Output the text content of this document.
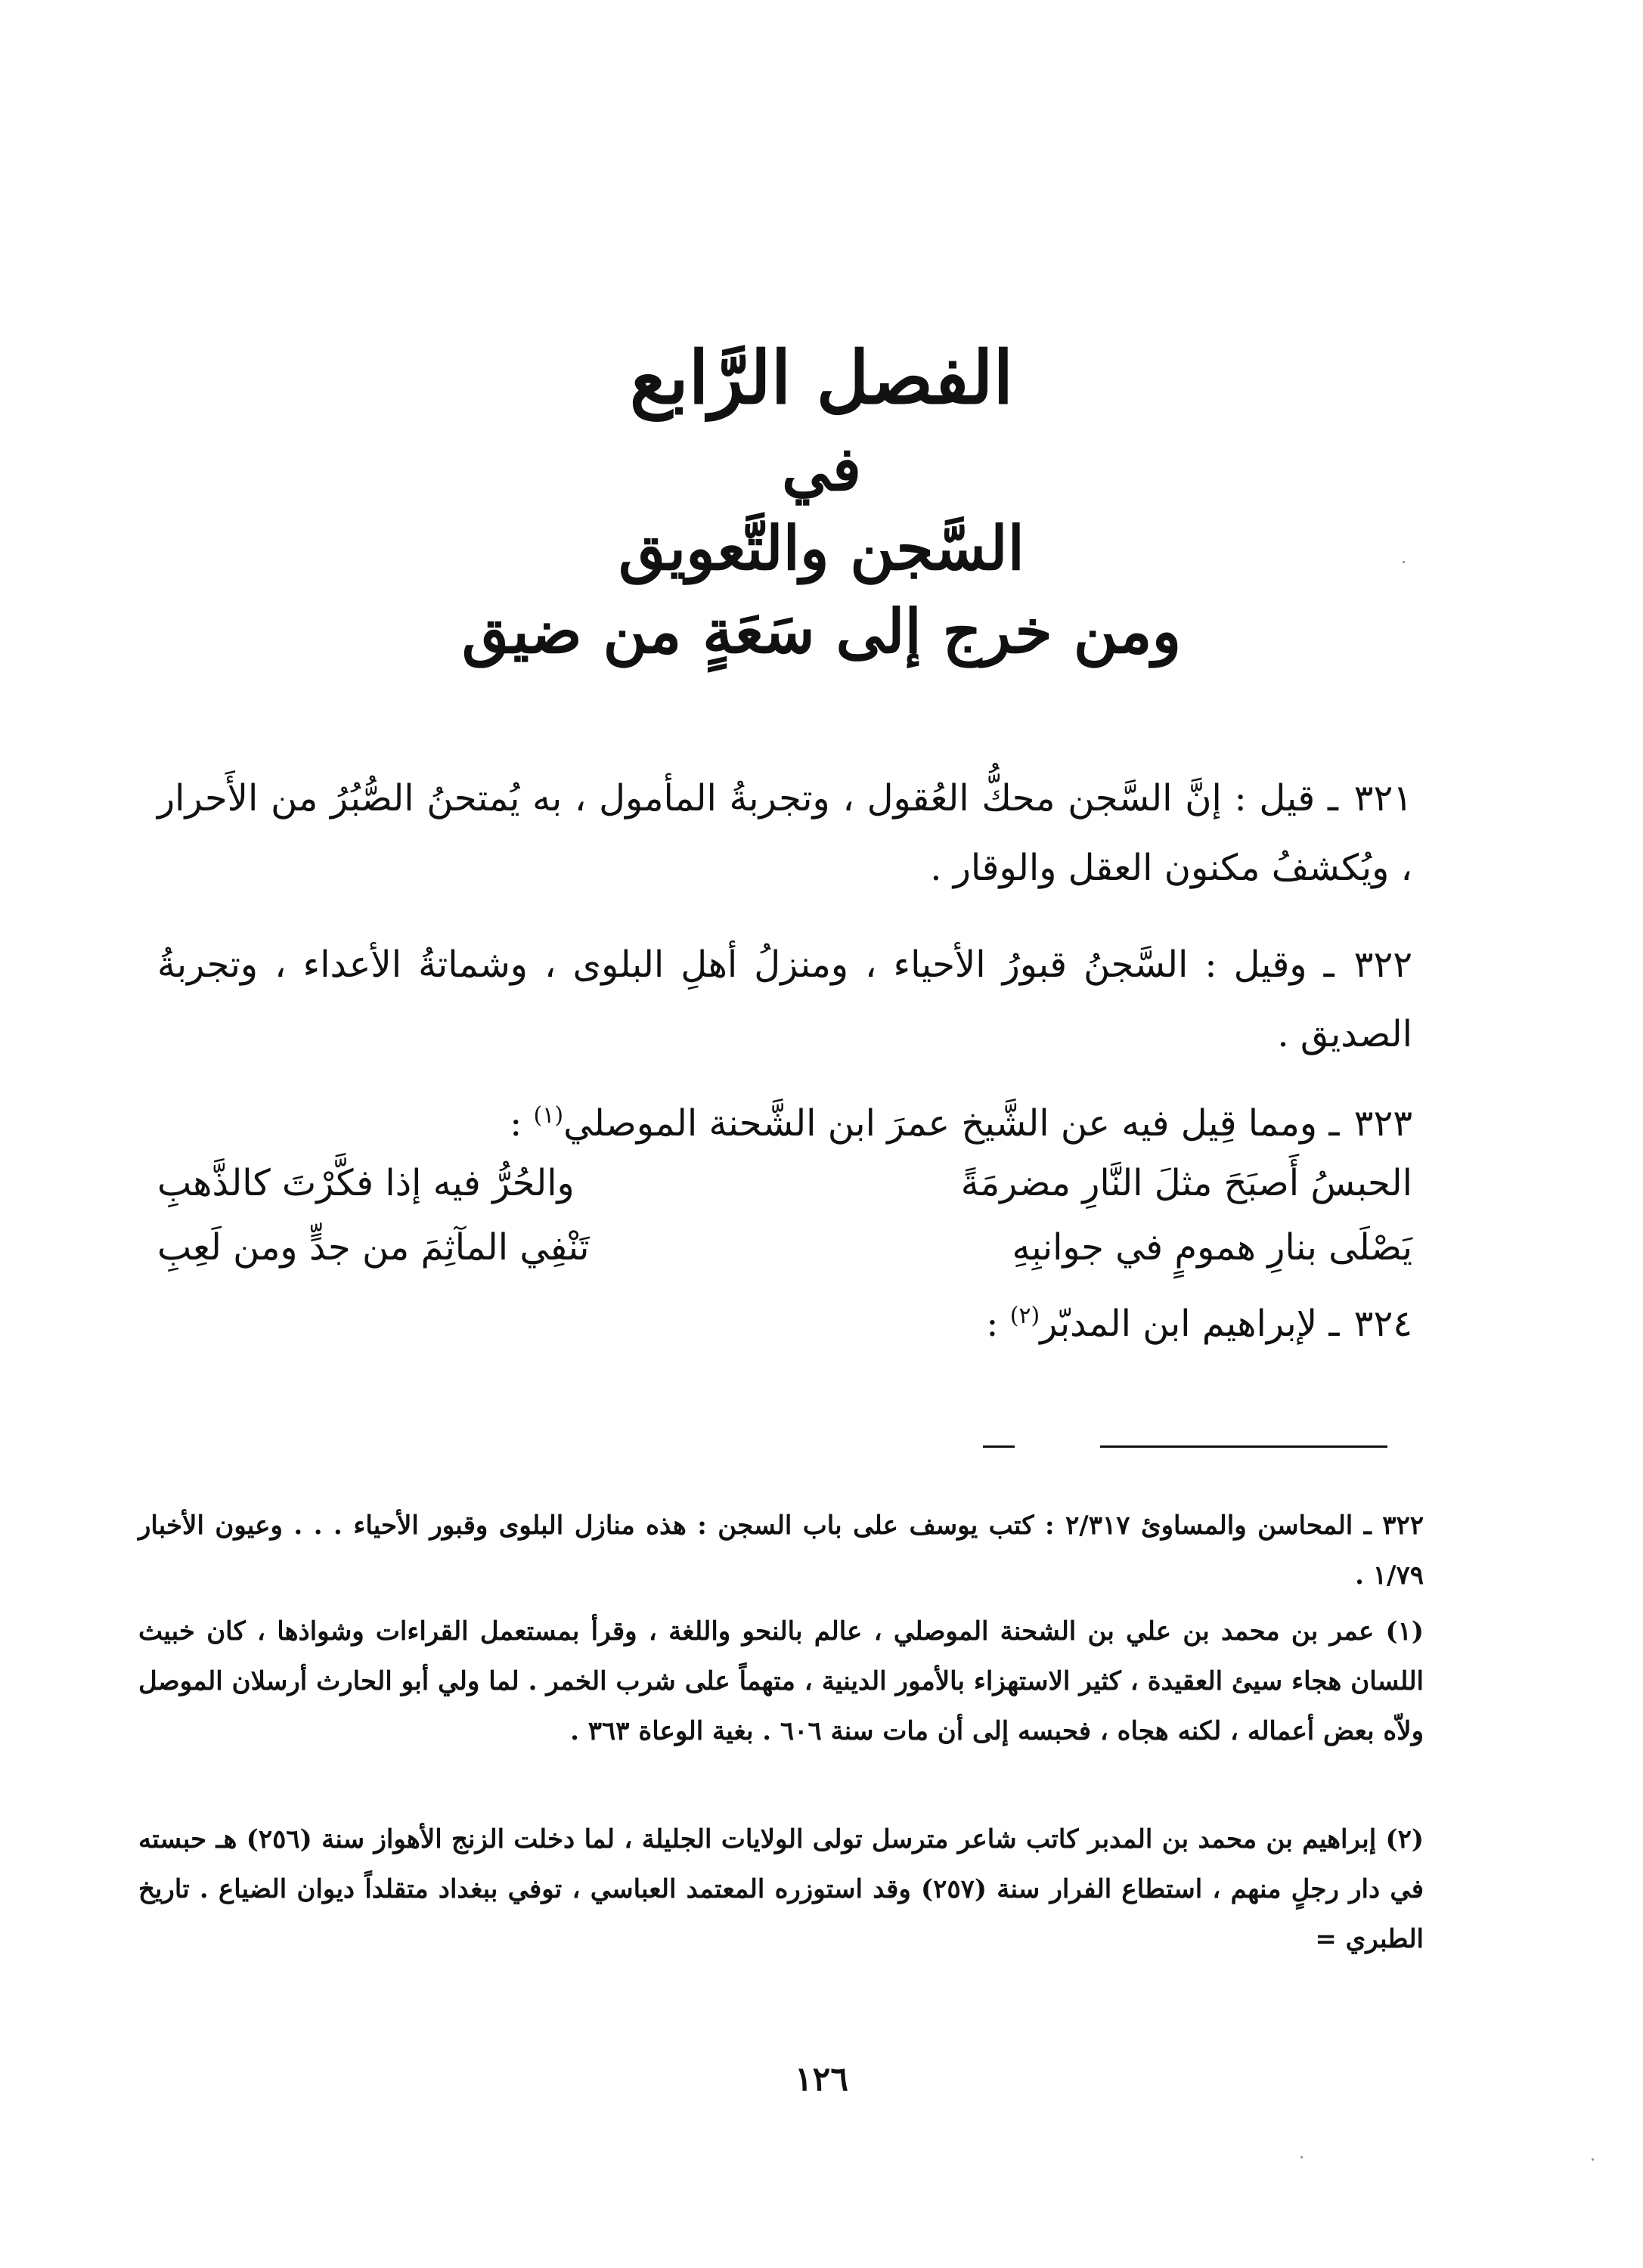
الفصل الرَّابع
في
السَّجن والتَّعويق
ومن خرج إلى سَعَةٍ من ضيق
٣٢١ ـ قيل : إنَّ السَّجن محكُّ العُقول ، وتجربةُ المأمول ، به يُمتحنُ الصُّبُرُ من الأَحرار ، ويُكشفُ مكنون العقل والوقار .
٣٢٢ ـ وقيل : السَّجنُ قبورُ الأحياء ، ومنزلُ أهلِ البلوى ، وشماتةُ الأعداء ، وتجربةُ الصديق .
٣٢٣ ـ ومما قِيل فيه عن الشَّيخ عمرَ ابن الشَّحنة الموصلي$^{(١)}$ :
الحبسُ أَصبَحَ مثلَ النَّارِ مضرمَةً
والحُرُّ فيه إذا فكَّرْتَ كالذَّهبِ
يَصْلَى بنارِ همومٍ في جوانبِهِ
تَنْفِي المآثِمَ من جدٍّ ومن لَعِبِ
٣٢٤ ـ لإبراهيم ابن المدبّر$^{(٢)}$ :
٣٢٢ ـ المحاسن والمساوئ ٢/٣١٧ : كتب يوسف على باب السجن : هذه منازل البلوى وقبور الأحياء . . . وعيون الأخبار ١/٧٩ .
(١) عمر بن محمد بن علي بن الشحنة الموصلي ، عالم بالنحو واللغة ، وقرأ بمستعمل القراءات وشواذها ، كان خبيث اللسان هجاء سيئ العقيدة ، كثير الاستهزاء بالأمور الدينية ، متهماً على شرب الخمر . لما ولي أبو الحارث أرسلان الموصل ولاّه بعض أعماله ، لكنه هجاه ، فحبسه إلى أن مات سنة ٦٠٦ . بغية الوعاة ٣٦٣ .
(٢) إبراهيم بن محمد بن المدبر كاتب شاعر مترسل تولى الولايات الجليلة ، لما دخلت الزنج الأهواز سنة (٢٥٦) هـ حبسته في دار رجلٍ منهم ، استطاع الفرار سنة (٢٥٧) وقد استوزره المعتمد العباسي ، توفي ببغداد متقلداً ديوان الضياع . تاريخ الطبري =
١٢٦
